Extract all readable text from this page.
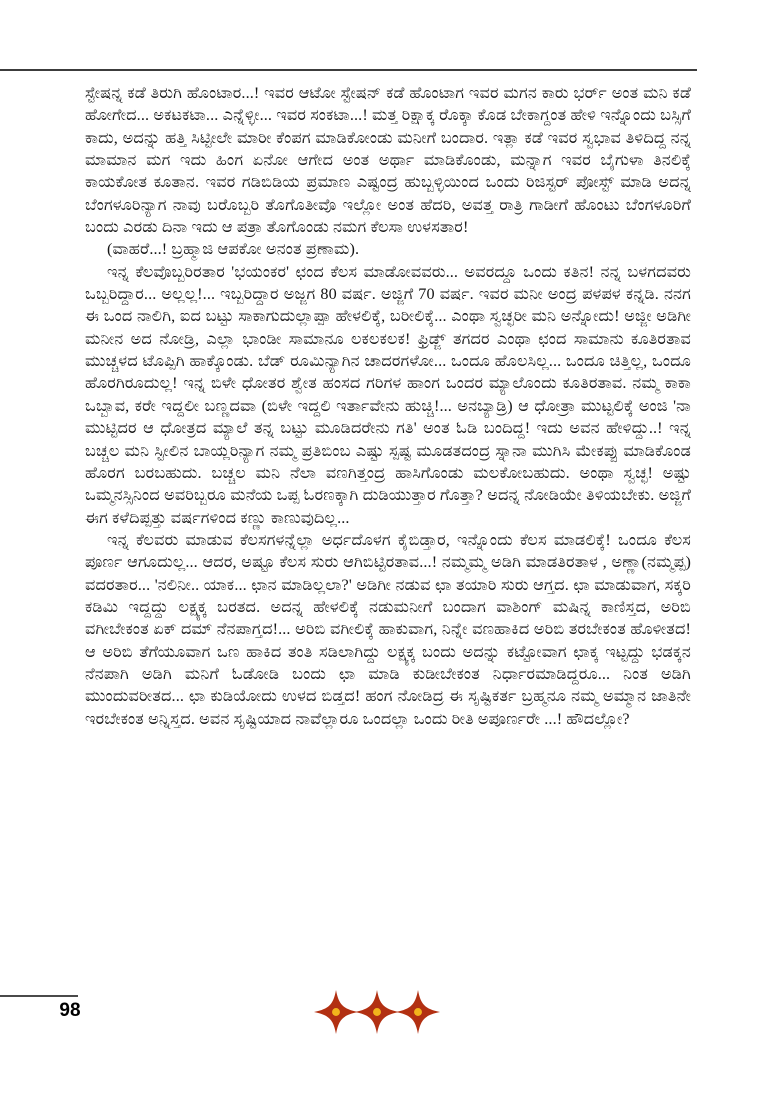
ಸ್ಟೇಷನ್ನ ಕಡೆ ತಿರುಗಿ ಹೊಂಟಾರ...! ಇವರ ಆಟೋ ಸ್ಟೇಷನ್ ಕಡೆ ಹೊಂಟಾಗ ಇವರ ಮಗನ ಕಾರು ಭರ್ರ್ ಅಂತ ಮನಿ ಕಡೆ ಹೋಗೇದ... ಅಕಟಕಟಾ... ಎನ್ನೆಳ್ಳೀ... ಇವರ ಸಂಕಟಾ...! ಮತ್ತ ರಿಕ್ಷಾಕ್ಕ ರೊಕ್ಕಾ ಕೊಡ ಬೇಕಾಗ್ದಂತ ಹೇಳಿ ಇನ್ನೊಂದು ಬಸ್ಸಿಗೆ ಕಾದು, ಅದನ್ನು ಹತ್ತಿ ಸಿಟ್ಟೀಲೇ ಮಾರೀ ಕೆಂಪಗ ಮಾಡಿಕೋಂಡು ಮನೀಗೆ ಬಂದಾರ. ಇತ್ಲಾ ಕಡೆ ಇವರ ಸ್ವಭಾವ ತಿಳಿದಿದ್ದ ನನ್ನ ಮಾಮಾನ ಮಗ ಇದು ಹಿಂಗ ಏನೋ ಆಗೇದ ಅಂತ ಅರ್ಥಾ ಮಾಡಿಕೊಂಡು, ಮನ್ನಾಗ ಇವರ ಬೈಗುಳಾ ತಿನಲಿಕ್ಕೆ ಕಾಯಕೋತ ಕೂತಾನ. ಇವರ ಗಡಿಬಿಡಿಯ ಪ್ರಮಾಣ ಎಷ್ಟಂದ್ರ ಹುಬ್ಬಳ್ಳಿಯಿಂದ ಒಂದು ರಿಜಿಸ್ಟರ್ ಪೋಸ್ಟ್ ಮಾಡಿ ಅದನ್ನ ಬೆಂಗಳೂರಿನ್ಯಾಗ ನಾವು ಬರೊಬ್ಬರಿ ತೊಗೊತೀವೊ ಇಲ್ಲೋ ಅಂತ ಹೆದರಿ, ಅವತ್ತ ರಾತ್ರಿ ಗಾಡೀಗೆ ಹೊಂಟು ಬೆಂಗಳೂರಿಗೆ ಬಂದು ಎರಡು ದಿನಾ ಇದು ಆ ಪತ್ರಾ ತೊಗೊಂಡು ನಮಗ ಕೆಲಸಾ ಉಳಸತಾರ!

(ವಾಹರೆ...! ಬ್ರಹ್ಮಾಜಿ ಆಪಕೋ ಅನಂತ ಪ್ರಣಾಮ).

ಇನ್ನ ಕೆಲವೊಬ್ಬರಿರತಾರ 'ಭಯಂಕರ' ಛಂದ ಕೆಲಸ ಮಾಡೋವವರು... ಅವರದ್ದೂ ಒಂದು ಕತಿನ! ನನ್ನ ಬಳಗದವರು ಒಬ್ಬರಿದ್ದಾರ... ಅಲ್ಲಲ್ಲ!... ಇಬ್ಬರಿದ್ದಾರ ಅಜ್ಜಗ 80 ವರ್ಷ. ಅಜ್ಜಿಗೆ 70 ವರ್ಷ. ಇವರ ಮನೀ ಅಂದ್ರ ಪಳಪಳ ಕನ್ನಡಿ. ನನಗ ಈ ಒಂದ ನಾಲಿಗಿ, ಐದ ಬಟ್ಟು ಸಾಕಾಗುದುಲ್ಲಾಪ್ಪಾ ಹೇಳಲಿಕ್ಕೆ, ಬರೀಲಿಕ್ಕೆ... ಎಂಥಾ ಸ್ವಚ್ಛರೀ ಮನಿ ಅನ್ನೋದು! ಅಜ್ಜೀ ಅಡಿಗೀ ಮನೀನ ಅದ ನೋಡ್ರಿ, ಎಲ್ಲಾ ಭಾಂಡೀ ಸಾಮಾನೂ ಲಕಲಕಲಕ! ಫ್ರಿಡ್ಜ್ ತಗದರ ಎಂಥಾ ಛಂದ ಸಾಮಾನು ಕೂತಿರತಾವ ಮುಚ್ಚಳದ ಟೊಪ್ಪಿಗಿ ಹಾಕ್ಕೊಂಡು. ಬೆಡ್ ರೂಮಿನ್ಯಾಗಿನ ಚಾದರಗಳೋ... ಒಂದೂ ಹೊಲಸಿಲ್ಲ... ಒಂದೂ ಚಿತ್ತಿಲ್ಲ, ಒಂದೂ ಹೊರಗಿರೂದುಲ್ಲ! ಇನ್ನ ಬಿಳೇ ಧೋತರ ಶ್ವೇತ ಹಂಸದ ಗರಿಗಳ ಹಾಂಗ ಒಂದರ ಮ್ಯಾಲೊಂದು ಕೂತಿರತಾವ. ನಮ್ಮ ಕಾಕಾ ಒಬ್ಬಾವ, ಕರೇ ಇದ್ದಲೀ ಬಣ್ಣದವಾ (ಬಿಳೇ ಇದ್ದಲಿ ಇರ್ತಾವೇನು ಹುಚ್ಚಿ!... ಅನಬ್ಯಾಡ್ರಿ) ಆ ಧೋತ್ರಾ ಮುಟ್ಟಲಿಕ್ಕೆ ಅಂಜಿ 'ನಾ ಮುಟ್ಟಿದರ ಆ ಧೋತ್ರದ ಮ್ಯಾಲೆ ತನ್ನ ಬಟ್ಟು ಮೂಡಿದರೇನು ಗತಿ' ಅಂತ ಓಡಿ ಬಂದಿದ್ದ! ಇದು ಅವನ ಹೇಳಿದ್ದು..! ಇನ್ನ ಬಚ್ಚಲ ಮನಿ ಸ್ಟೀಲಿನ ಬಾಯ್ಲರಿನ್ಯಾಗ ನಮ್ಮ ಪ್ರತಿಬಿಂಬ ಎಷ್ಟು ಸ್ಪಷ್ಟ ಮೂಡತದಂದ್ರ ಸ್ನಾನಾ ಮುಗಿಸಿ ಮೇಕಪ್ಪು ಮಾಡಿಕೊಂಡ ಹೊರಗ ಬರಬಹುದು. ಬಚ್ಚಲ ಮನಿ ನೆಲಾ ವಣಗಿತ್ತಂದ್ರ ಹಾಸಿಗೊಂಡು ಮಲಕೋಬಹುದು. ಅಂಥಾ ಸ್ವಚ್ಛ! ಅಷ್ಟು ಒಮ್ಮನಸ್ಸಿನಿಂದ ಅವರಿಬ್ಬರೂ ಮನೆಯ ಒಪ್ಪ ಓರಣಕ್ಕಾಗಿ ದುಡಿಯುತ್ತಾರ ಗೊತ್ತಾ? ಅದನ್ನ ನೋಡಿಯೇ ತಿಳಿಯಬೇಕು. ಅಜ್ಜಿಗೆ ಈಗ ಕಳೆದಿಪ್ಪತ್ತು ವರ್ಷಗಳಿಂದ ಕಣ್ಣು ಕಾಣುವುದಿಲ್ಲ...

ಇನ್ನ ಕೆಲವರು ಮಾಡುವ ಕೆಲಸಗಳನ್ನೆಲ್ಲಾ ಅರ್ಧದೊಳಗ ಕೈಬಿಡ್ತಾರ, ಇನ್ನೊಂದು ಕೆಲಸ ಮಾಡಲಿಕ್ಕೆ! ಒಂದೂ ಕೆಲಸ ಪೂರ್ಣ ಆಗೂದುಲ್ಲ... ಆದರ, ಅಷ್ಟೂ ಕೆಲಸ ಸುರು ಆಗಿಬಿಟ್ಟಿರತಾವ...! ನಮ್ಮಮ್ಮ ಅಡಿಗಿ ಮಾಡತಿರತಾಳ , ಅಣ್ಣಾ(ನಮ್ಮಪ್ಪ) ವದರತಾರ... 'ನಲಿನೀ.. ಯಾಕ... ಛಾನ ಮಾಡಿಲ್ಲಲಾ?' ಅಡಿಗೀ ನಡುವ ಛಾ ತಯಾರಿ ಸುರು ಆಗ್ತದ. ಛಾ ಮಾಡುವಾಗ, ಸಕ್ಕರಿ ಕಡಿಮಿ ಇದ್ದದ್ದು ಲಕ್ಷ್ಯಕ್ಕ ಬರತದ. ಅದನ್ನ ಹೇಳಲಿಕ್ಕೆ ನಡುಮನೀಗೆ ಬಂದಾಗ ವಾಶಿಂಗ್ ಮಷಿನ್ನ ಕಾಣಿಸ್ತದ, ಅರಿಬಿ ವಗೀಬೇಕಂತ ಏಕ್ ದಮ್ ನೆನಪಾಗ್ತದ!... ಅರಿಬಿ ವಗೀಲಿಕ್ಕೆ ಹಾಕುವಾಗ, ನಿನ್ನೇ ವಣಹಾಕಿದ ಅರಿಬಿ ತರಬೇಕಂತ ಹೊಳೀತದ! ಆ ಅರಿಬಿ ತೆಗೆಯೂವಾಗ ಒಣ ಹಾಕಿದ ತಂತಿ ಸಡಿಲಾಗಿದ್ದು ಲಕ್ಷ್ಯಕ್ಕ ಬಂದು ಅದನ್ನು ಕಟ್ಟೋವಾಗ ಛಾಕ್ಕ ಇಟ್ಟದ್ದು ಭಡಕ್ಕನ ನೆನಪಾಗಿ ಅಡಿಗಿ ಮನಿಗೆ ಓಡೋಡಿ ಬಂದು ಛಾ ಮಾಡಿ ಕುಡೀಬೇಕಂತ ನಿರ್ಧಾರಮಾಡಿದ್ದರೂ... ನಿಂತ ಅಡಿಗಿ ಮುಂದುವರೀತದ... ಛಾ ಕುಡಿಯೋದು ಉಳದ ಬಿಡ್ತದ! ಹಂಗ ನೋಡಿದ್ರ ಈ ಸೃಷ್ಟಿಕರ್ತ ಬ್ರಹ್ಮನೂ ನಮ್ಮ ಅಮ್ಮಾನ ಜಾತಿನೇ ಇರಬೇಕಂತ ಅನ್ನಿಸ್ತದ. ಅವನ ಸೃಷ್ಟಿಯಾದ ನಾವೆಲ್ಲಾರೂ ಒಂದಲ್ಲಾ ಒಂದು ರೀತಿ ಅಪೂರ್ಣರೇ ...! ಹೌದಲ್ಲೋ?

98
